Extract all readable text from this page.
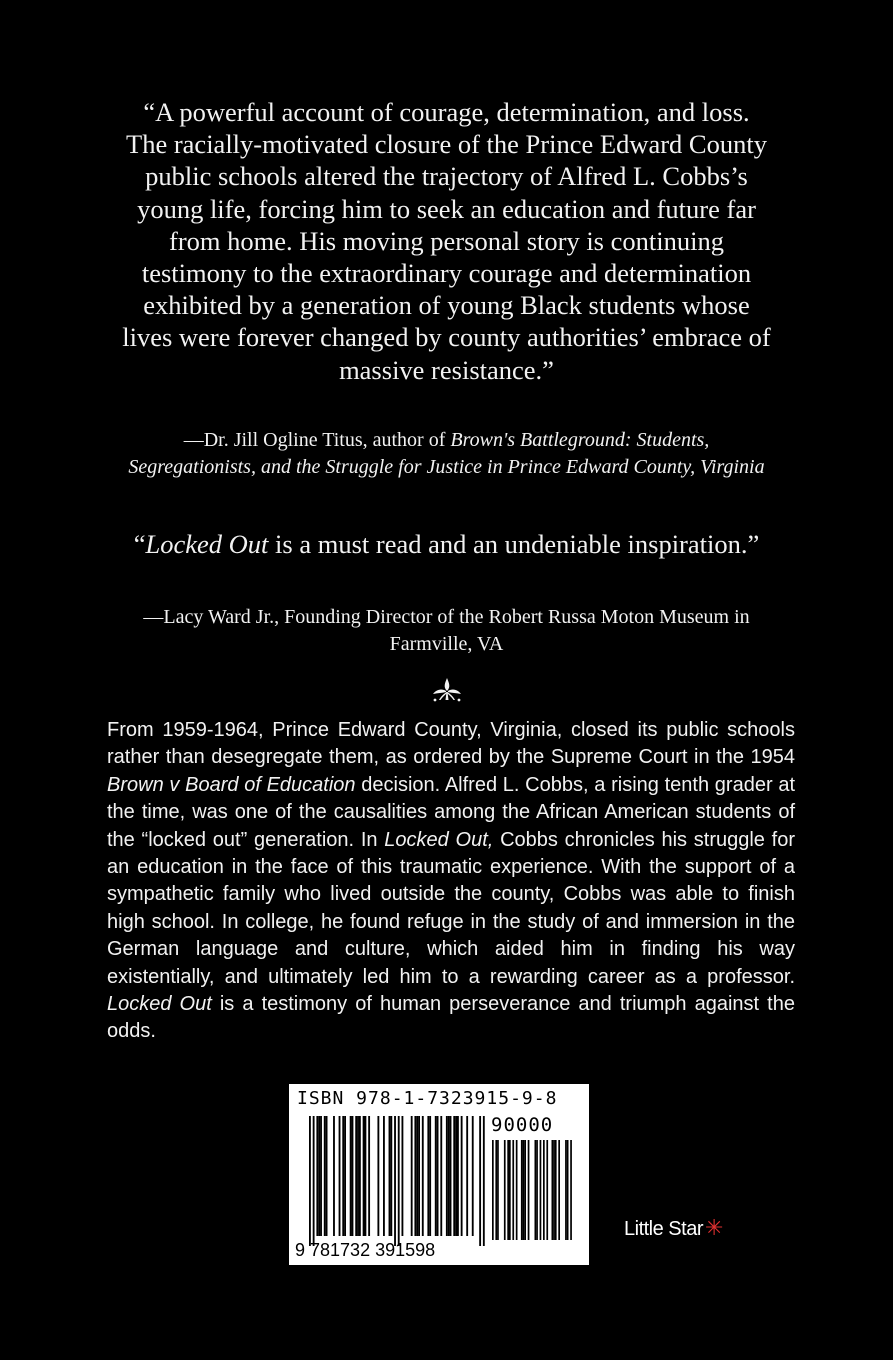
“A powerful account of courage, determination, and loss. The racially-motivated closure of the Prince Edward County public schools altered the trajectory of Alfred L. Cobbs’s young life, forcing him to seek an education and future far from home. His moving personal story is continuing testimony to the extraordinary courage and determination exhibited by a generation of young Black students whose lives were forever changed by county authorities’ embrace of massive resistance.”
—Dr. Jill Ogline Titus, author of Brown's Battleground: Students, Segregationists, and the Struggle for Justice in Prince Edward County, Virginia
“Locked Out is a must read and an undeniable inspiration.”
—Lacy Ward Jr., Founding Director of the Robert Russa Moton Museum in Farmville, VA

From 1959-1964, Prince Edward County, Virginia, closed its public schools rather than desegregate them, as ordered by the Supreme Court in the 1954 Brown v Board of Education decision. Alfred L. Cobbs, a rising tenth grader at the time, was one of the causalities among the African American students of the “locked out” generation. In Locked Out, Cobbs chronicles his struggle for an education in the face of this traumatic experience. With the support of a sympathetic family who lived outside the county, Cobbs was able to finish high school. In college, he found refuge in the study of and immersion in the German language and culture, which aided him in finding his way existentially, and ultimately led him to a rewarding career as a professor. Locked Out is a testimony of human perseverance and triumph against the odds.

ISBN 978-1-7323915-9-8
90000
9 781732 391598
Little Star✳
